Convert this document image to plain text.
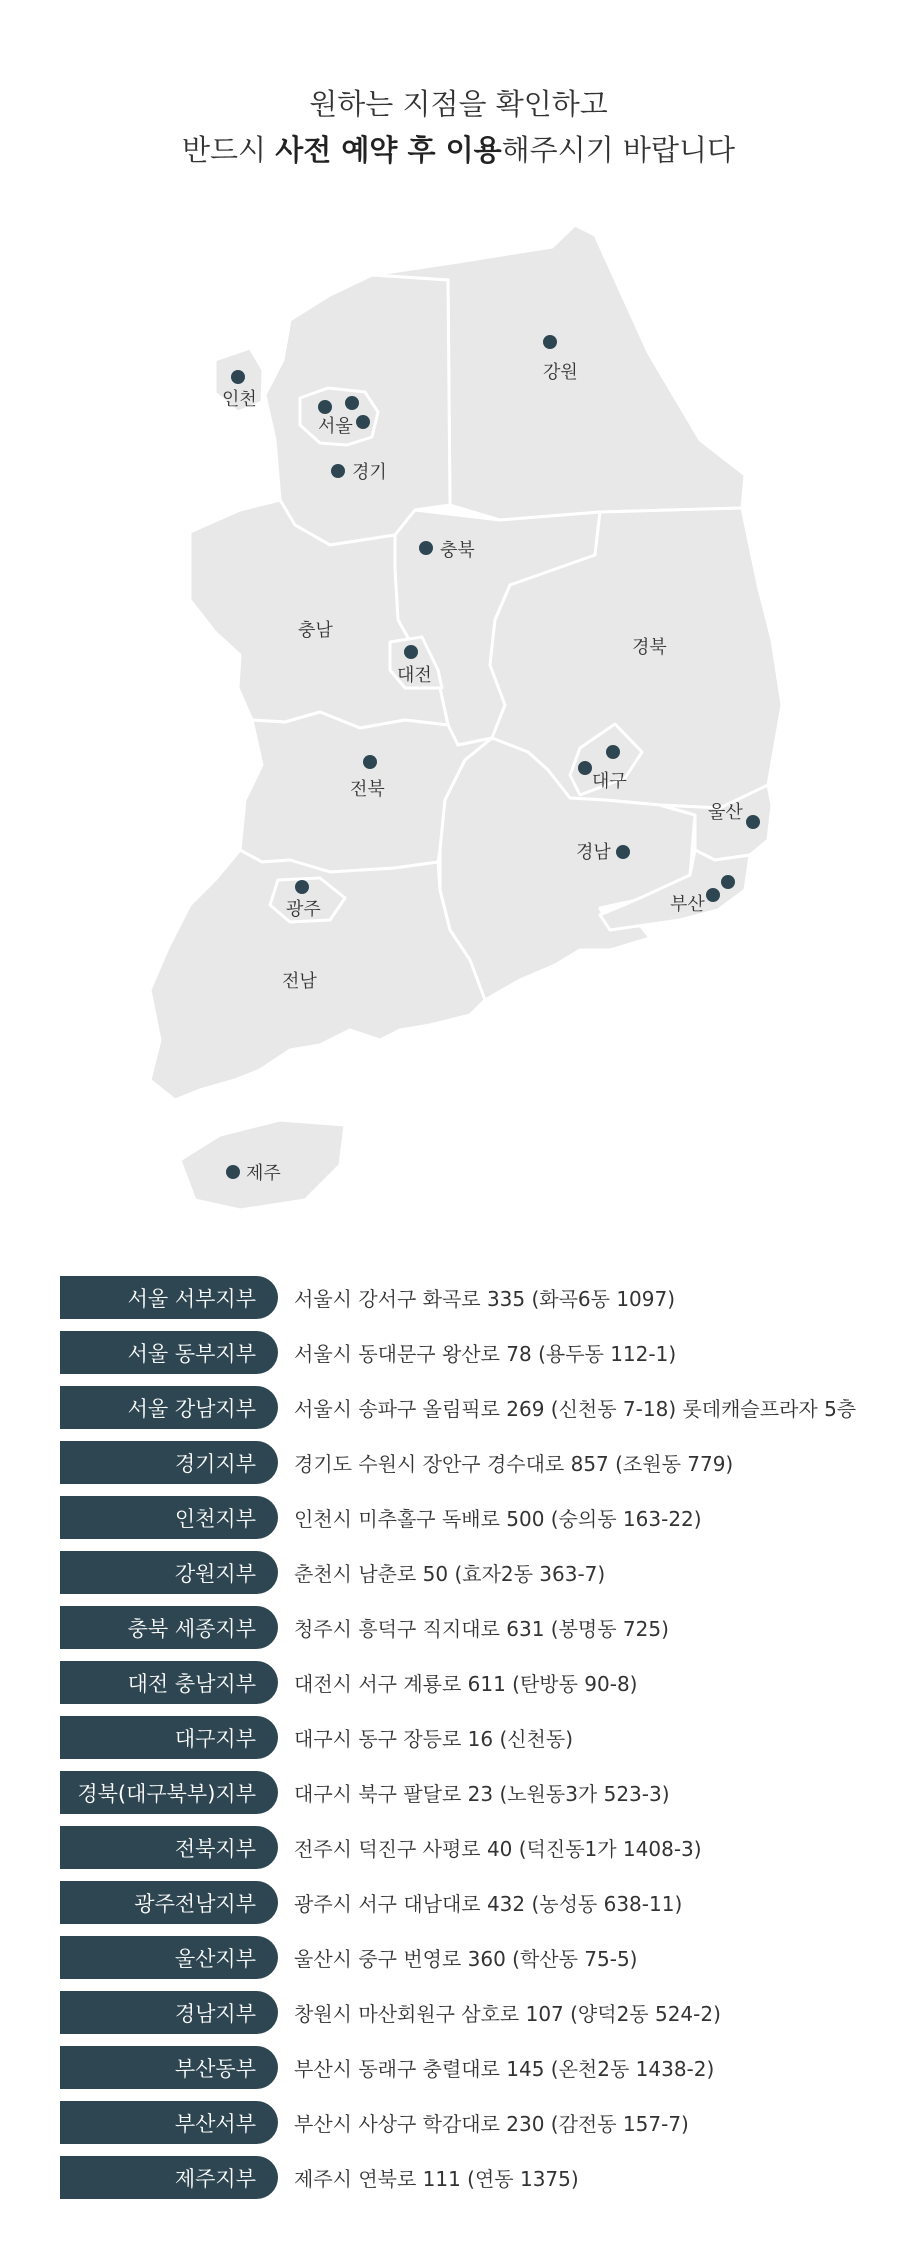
원하는 지점을 확인하고
반드시 사전 예약 후 이용해주시기 바랍니다
인천
서울
경기
강원
충북
충남
대전
경북
대구
울산
전북
경남
부산
광주
전남
제주
서울 서부지부	서울시 강서구 화곡로 335 (화곡6동 1097)
서울 동부지부	서울시 동대문구 왕산로 78 (용두동 112-1)
서울 강남지부	서울시 송파구 올림픽로 269 (신천동 7-18) 롯데캐슬프라자 5층
경기지부	경기도 수원시 장안구 경수대로 857 (조원동 779)
인천지부	인천시 미추홀구 독배로 500 (숭의동 163-22)
강원지부	춘천시 남춘로 50 (효자2동 363-7)
충북 세종지부	청주시 흥덕구 직지대로 631 (봉명동 725)
대전 충남지부	대전시 서구 계룡로 611 (탄방동 90-8)
대구지부	대구시 동구 장등로 16 (신천동)
경북(대구북부)지부	대구시 북구 팔달로 23 (노원동3가 523-3)
전북지부	전주시 덕진구 사평로 40 (덕진동1가 1408-3)
광주전남지부	광주시 서구 대남대로 432 (농성동 638-11)
울산지부	울산시 중구 번영로 360 (학산동 75-5)
경남지부	창원시 마산회원구 삼호로 107 (양덕2동 524-2)
부산동부	부산시 동래구 충렬대로 145 (온천2동 1438-2)
부산서부	부산시 사상구 학감대로 230 (감전동 157-7)
제주지부	제주시 연북로 111 (연동 1375)
